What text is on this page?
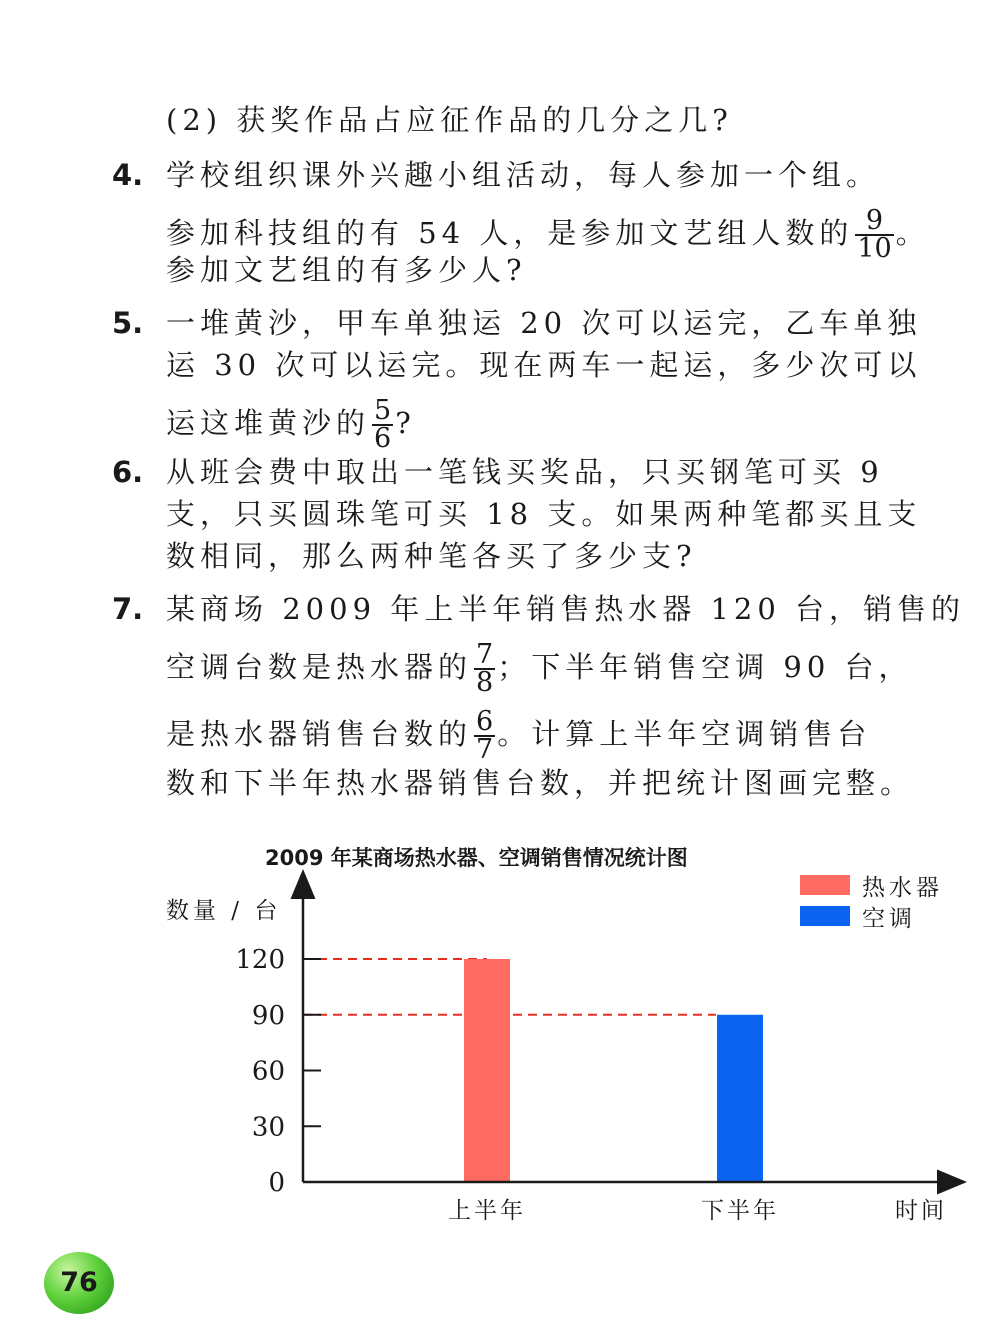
(2) 获奖作品占应征作品的几分之几?
4. 学校组织课外兴趣小组活动，每人参加一个组。
参加科技组的有 54 人，是参加文艺组人数的 $\frac{9}{10}$ 。
参加文艺组的有多少人?
5. 一堆黄沙，甲车单独运 20 次可以运完，乙车单独
运 30 次可以运完。现在两车一起运，多少次可以
运这堆黄沙的 $\frac{5}{6}$ ?
6. 从班会费中取出一笔钱买奖品，只买钢笔可买 9
支，只买圆珠笔可买 18 支。如果两种笔都买且支
数相同，那么两种笔各买了多少支?
7. 某商场 2009 年上半年销售热水器 120 台，销售的
空调台数是热水器的 $\frac{7}{8}$ ；下半年销售空调 90 台，
是热水器销售台数的 $\frac{6}{7}$ 。计算上半年空调销售台
数和下半年热水器销售台数，并把统计图画完整。
2009 年某商场热水器、空调销售情况统计图
数量 / 台
热水器
空调
0
30
60
90
120
上半年	下半年	时间
76
